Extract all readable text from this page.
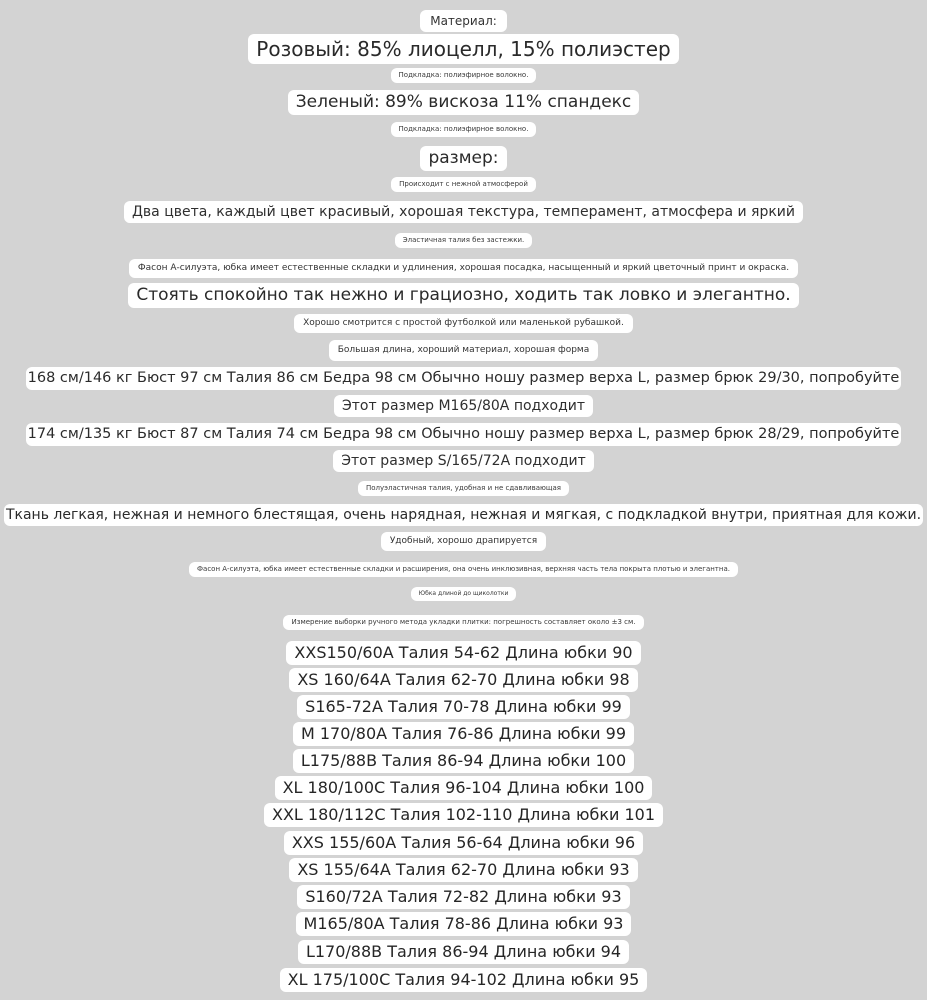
Материал:
Розовый: 85% лиоцелл, 15% полиэстер
Подкладка: полиэфирное волокно.
Зеленый: 89% вискоза 11% спандекс
Подкладка: полиэфирное волокно.
размер:
Происходит с нежной атмосферой
Два цвета, каждый цвет красивый, хорошая текстура, темперамент, атмосфера и яркий
Эластичная талия без застежки.
Фасон А-силуэта, юбка имеет естественные складки и удлинения, хорошая посадка, насыщенный и яркий цветочный принт и окраска.
Стоять спокойно так нежно и грациозно, ходить так ловко и элегантно.
Хорошо смотрится с простой футболкой или маленькой рубашкой.
Большая длина, хороший материал, хорошая форма
168 см/146 кг Бюст 97 см Талия 86 см Бедра 98 см Обычно ношу размер верха L, размер брюк 29/30, попробуйте
Этот размер M165/80A подходит
174 см/135 кг Бюст 87 см Талия 74 см Бедра 98 см Обычно ношу размер верха L, размер брюк 28/29, попробуйте
Этот размер S/165/72A подходит
Полуэластичная талия, удобная и не сдавливающая
Ткань легкая, нежная и немного блестящая, очень нарядная, нежная и мягкая, с подкладкой внутри, приятная для кожи.
Удобный, хорошо драпируется
Фасон А-силуэта, юбка имеет естественные складки и расширения, она очень инклюзивная, верхняя часть тела покрыта плотью и элегантна.
Юбка длиной до щиколотки
Измерение выборки ручного метода укладки плитки: погрешность составляет около ±3 см.
XXS150/60A Талия 54-62 Длина юбки 90
XS 160/64A Талия 62-70 Длина юбки 98
S165-72A Талия 70-78 Длина юбки 99
M 170/80A Талия 76-86 Длина юбки 99
L175/88B Талия 86-94 Длина юбки 100
XL 180/100C Талия 96-104 Длина юбки 100
XXL 180/112C Талия 102-110 Длина юбки 101
XXS 155/60A Талия 56-64 Длина юбки 96
XS 155/64A Талия 62-70 Длина юбки 93
S160/72A Талия 72-82 Длина юбки 93
M165/80A Талия 78-86 Длина юбки 93
L170/88B Талия 86-94 Длина юбки 94
XL 175/100C Талия 94-102 Длина юбки 95
